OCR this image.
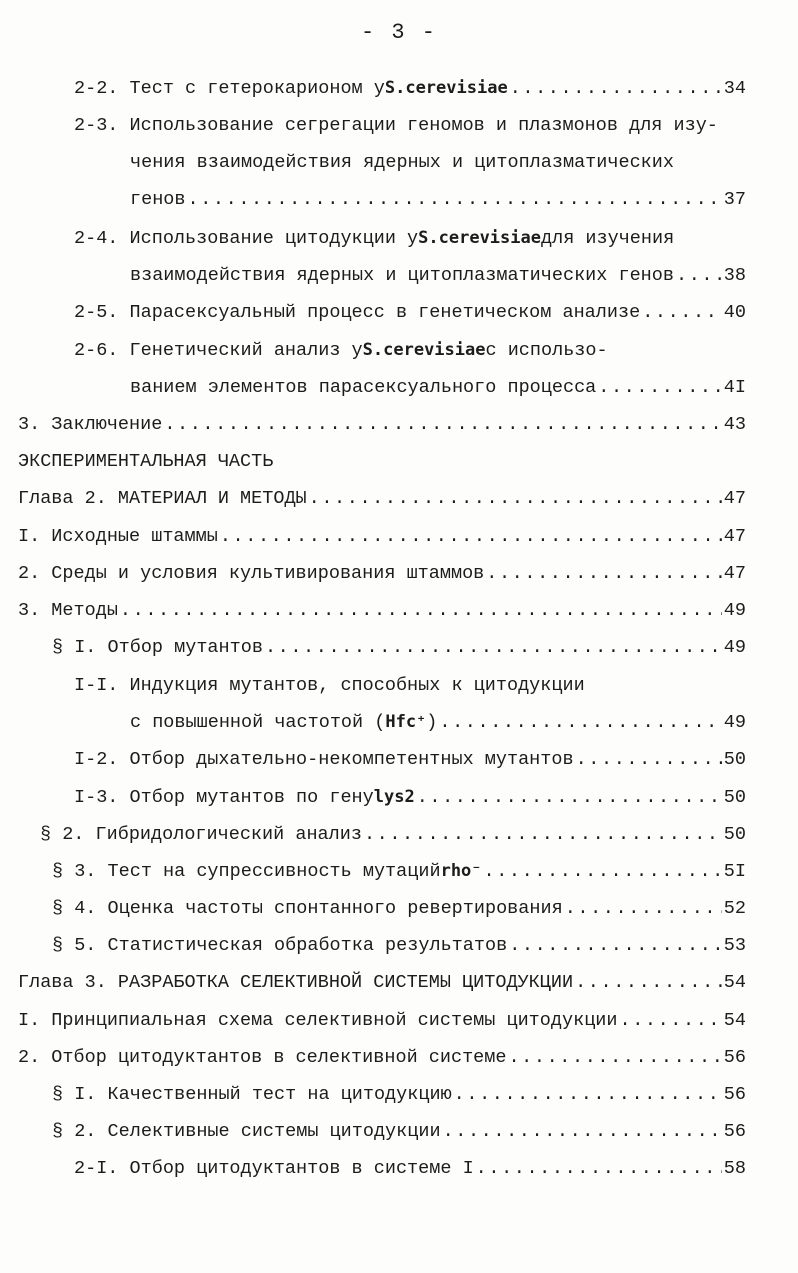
- 3 -
2-2. Тест с гетерокарионом у S.cerevisiae .....	34
2-3. Использование сегрегации геномов и плазмонов для изу-
чения взаимодействия ядерных и цитоплазматических
генов .....	37
2-4. Использование цитодукции у S.cerevisiae для изучения
взаимодействия ядерных и цитоплазматических генов .....	38
2-5. Парасексуальный процесс в генетическом анализе .....	40
2-6. Генетический анализ у S.cerevisiae с использо-
ванием элементов парасексуального процесса .....	4I
3. Заключение .....	43
ЭКСПЕРИМЕНТАЛЬНАЯ ЧАСТЬ
Глава 2. МАТЕРИАЛ И МЕТОДЫ .....	47
I. Исходные штаммы .....	47
2. Среды и условия культивирования штаммов .....	47
3. Методы .....	49
§ I. Отбор мутантов .....	49
I-I. Индукция мутантов, способных к цитодукции
с повышенной частотой ( Hfc⁺ ) .....	49
I-2. Отбор дыхательно-некомпетентных мутантов .....	50
I-3. Отбор мутантов по гену lys2 .....	50
§ 2. Гибридологический анализ .....	50
§ 3. Тест на супрессивность мутаций rho⁻ .....	5I
§ 4. Оценка частоты спонтанного ревертирования .....	52
§ 5. Статистическая обработка результатов .....	53
Глава 3. РАЗРАБОТКА СЕЛЕКТИВНОЙ СИСТЕМЫ ЦИТОДУКЦИИ .....	54
I. Принципиальная схема селективной системы цитодукции .....	54
2. Отбор цитодуктантов в селективной системе .....	56
§ I. Качественный тест на цитодукцию .....	56
§ 2. Селективные системы цитодукции .....	56
2-I. Отбор цитодуктантов в системе I .....	58
